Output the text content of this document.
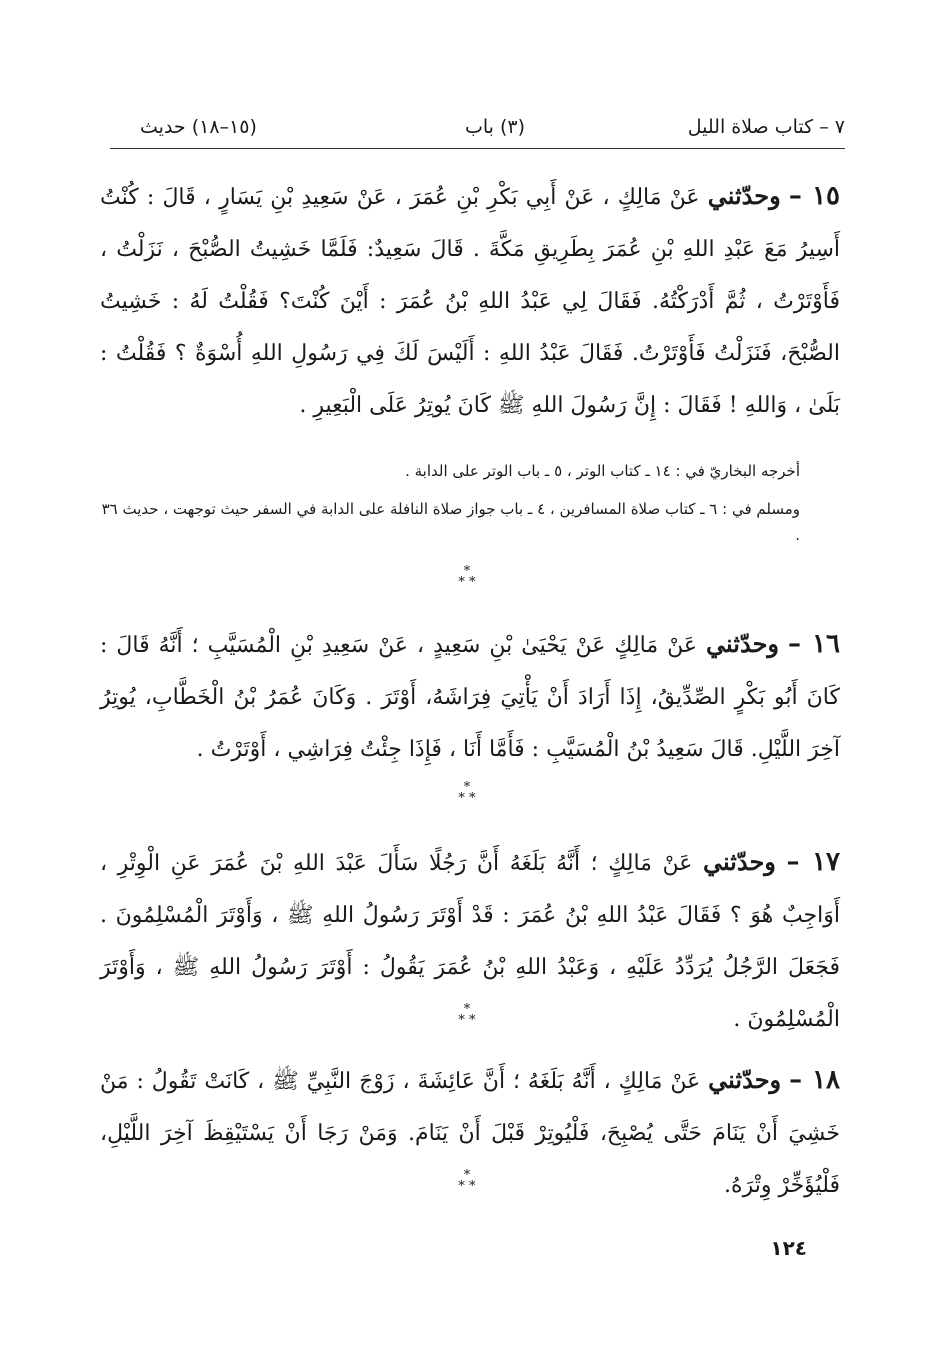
٧ – كتاب صلاة الليل
(٣) باب
(١٥–١٨) حديث

١٥ – وحدّثني عَنْ مَالِكٍ ، عَنْ أَبِي بَكْرِ بْنِ عُمَرَ ، عَنْ سَعِيدِ بْنِ يَسَارٍ ، قَالَ : كُنْتُ أَسِيرُ مَعَ عَبْدِ اللهِ بْنِ عُمَرَ بِطَرِيقِ مَكَّةَ . قَالَ سَعِيدٌ: فَلَمَّا خَشِيتُ الصُّبْحَ ، نَزَلْتُ ، فَأَوْتَرْتُ ، ثُمَّ أَدْرَكْتُهُ. فَقَالَ لِي عَبْدُ اللهِ بْنُ عُمَرَ : أَيْنَ كُنْتَ؟ فَقُلْتُ لَهُ : خَشِيتُ الصُّبْحَ، فَنَزَلْتُ فَأَوْتَرْتُ. فَقَالَ عَبْدُ اللهِ : أَلَيْسَ لَكَ فِي رَسُولِ اللهِ أُسْوَةٌ ؟ فَقُلْتُ : بَلَىٰ ، وَاللهِ ! فَقَالَ : إِنَّ رَسُولَ اللهِ ﷺ كَانَ يُوتِرُ عَلَى الْبَعِيرِ .

أخرجه البخاريّ في : ١٤ ـ كتاب الوتر ، ٥ ـ باب الوتر على الدابة .

ومسلم في : ٦ ـ كتاب صلاة المسافرين ، ٤ ـ باب جواز صلاة النافلة على الدابة في السفر حيث توجهت ، حديث ٣٦ .

*
* *

١٦ – وحدّثني عَنْ مَالِكٍ عَنْ يَحْيَىٰ بْنِ سَعِيدٍ ، عَنْ سَعِيدِ بْنِ الْمُسَيَّبِ ؛ أَنَّهُ قَالَ : كَانَ أَبُو بَكْرٍ الصِّدِّيقُ، إِذَا أَرَادَ أَنْ يَأْتِيَ فِرَاشَهُ، أَوْتَرَ . وَكَانَ عُمَرُ بْنُ الْخَطَّابِ، يُوتِرُ آخِرَ اللَّيْلِ. قَالَ سَعِيدُ بْنُ الْمُسَيَّبِ : فَأَمَّا أَنَا ، فَإِذَا جِئْتُ فِرَاشِي ، أَوْتَرْتُ .

*
* *

١٧ – وحدّثني عَنْ مَالِكٍ ؛ أَنَّهُ بَلَغَهُ أَنَّ رَجُلًا سَأَلَ عَبْدَ اللهِ بْنَ عُمَرَ عَنِ الْوِتْرِ ، أَوَاجِبٌ هُوَ ؟ فَقَالَ عَبْدُ اللهِ بْنُ عُمَرَ : قَدْ أَوْتَرَ رَسُولُ اللهِ ﷺ ، وَأَوْتَرَ الْمُسْلِمُونَ . فَجَعَلَ الرَّجُلُ يُرَدِّدُ عَلَيْهِ ، وَعَبْدُ اللهِ بْنُ عُمَرَ يَقُولُ : أَوْتَرَ رَسُولُ اللهِ ﷺ ، وَأَوْتَرَ الْمُسْلِمُونَ .

*
* *

١٨ – وحدّثني عَنْ مَالِكٍ ، أَنَّهُ بَلَغَهُ ؛ أَنَّ عَائِشَةَ ، زَوْجَ النَّبِيِّ ﷺ ، كَانَتْ تَقُولُ : مَنْ خَشِيَ أَنْ يَنَامَ حَتَّى يُصْبِحَ، فَلْيُوتِرْ قَبْلَ أَنْ يَنَامَ. وَمَنْ رَجَا أَنْ يَسْتَيْقِظَ آخِرَ اللَّيْلِ، فَلْيُؤَخِّرْ وِتْرَهُ.

*
* *
١٢٤
